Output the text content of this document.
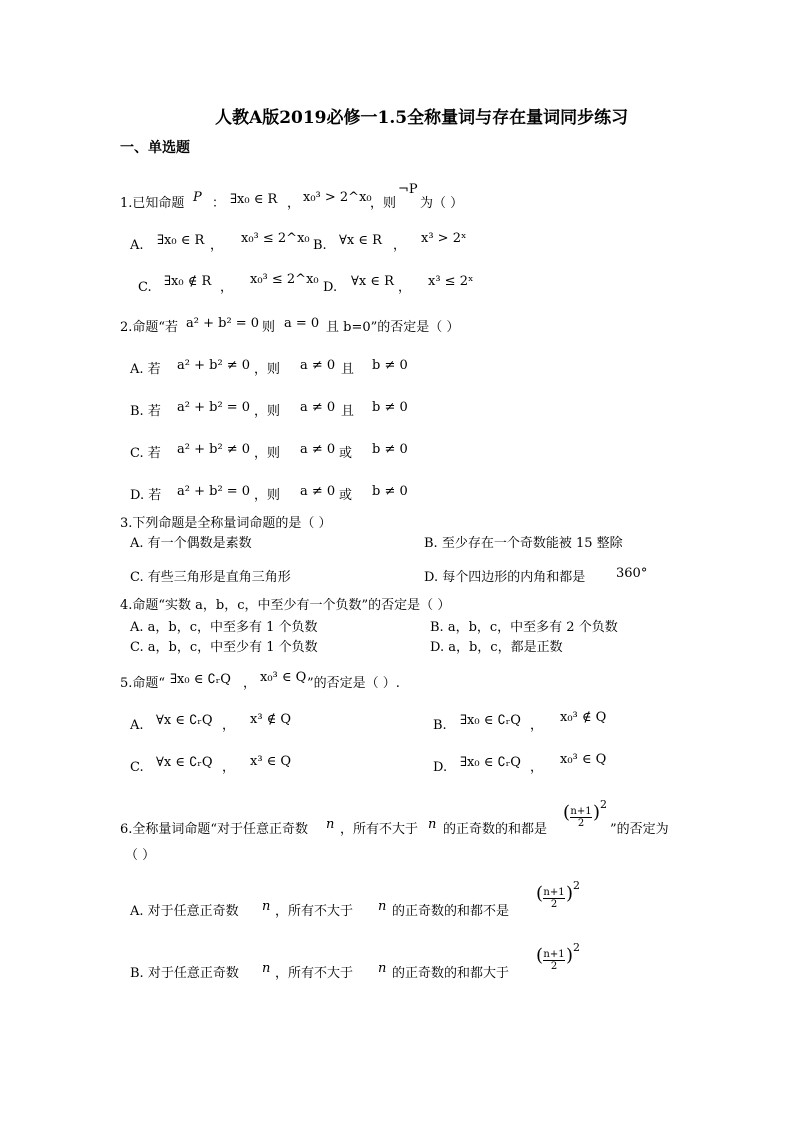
人教A版2019必修一1.5全称量词与存在量词同步练习
一、单选题
1.已知命题 P ： ∃x₀ ∈ R ， x₀³ > 2^x₀
，则
¬P
为（ ）
A. ∃x₀ ∈ R ， x₀³ ≤ 2^x₀ B. ∀x ∈ R ， x³ > 2ˣ
C. ∃x₀ ∉ R ，
x₀³ ≤ 2^x₀
D. ∀x ∈ R ， x³ ≤ 2ˣ
2.命题“若 a² + b² = 0 则 a = 0 且 b=0”的否定是（ ）
A. 若 a² + b² ≠ 0 ，则 a ≠ 0 且 b ≠ 0
B. 若 a² + b² = 0 ，则 a ≠ 0 且 b ≠ 0
C. 若 a² + b² ≠ 0 ，则 a ≠ 0 或 b ≠ 0
D. 若 a² + b² = 0 ，则 a ≠ 0 或 b ≠ 0
3.下列命题是全称量词命题的是（ ）
A. 有一个偶数是素数	B. 至少存在一个奇数能被 15 整除
C. 有些三角形是直角三角形	D. 每个四边形的内角和都是 360°
4.命题“实数 a，b，c，中至少有一个负数”的否定是（ ）
A. a，b，c，中至多有 1 个负数	B. a，b，c，中至多有 2 个负数
C. a，b，c，中至少有 1 个负数	D. a，b，c，都是正数
5.命题“ ∃x₀ ∈ ∁ᵣQ ， x₀³ ∈ Q ”的否定是（ ）.
A. ∀x ∈ ∁ᵣQ ， x³ ∉ Q	B. ∃x₀ ∈ ∁ᵣQ ，
x₀³ ∉ Q
C. ∀x ∈ ∁ᵣQ ， x³ ∈ Q	D. ∃x₀ ∈ ∁ᵣQ ，
x₀³ ∈ Q
6.全称量词命题“对于任意正奇数 n ，所有不大于 n 的正奇数的和都是
( n+1
2
) 2
”的否定为
（ ）
A. 对于任意正奇数 n ，所有不大于 n 的正奇数的和都不是
( n+1
2
) 2
B. 对于任意正奇数 n ，所有不大于 n 的正奇数的和都大于
( n+1
2
) 2
